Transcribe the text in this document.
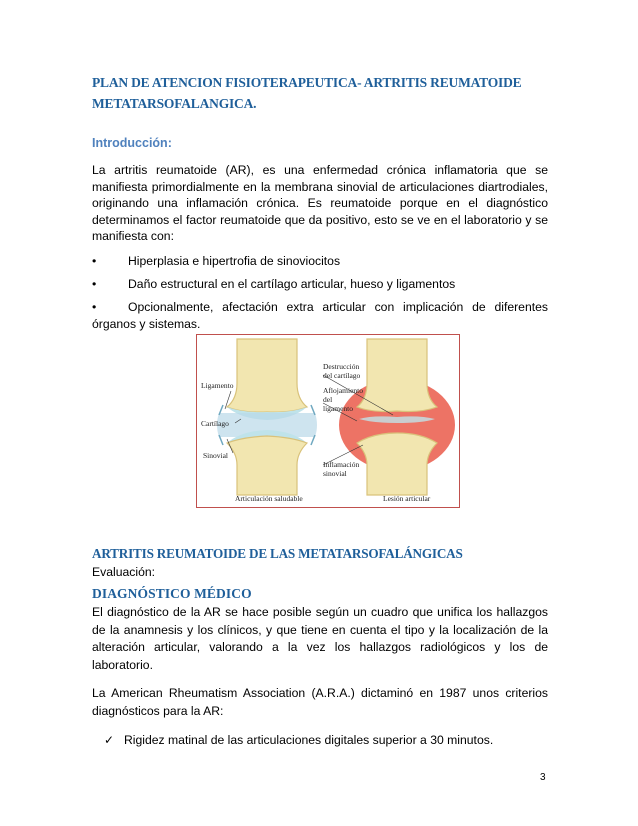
PLAN DE ATENCION FISIOTERAPEUTICA- ARTRITIS REUMATOIDE METATARSOFALANGICA.
Introducción:
La artritis reumatoide (AR), es una enfermedad crónica inflamatoria que se manifiesta primordialmente en la membrana sinovial de articulaciones diartrodiales, originando una inflamación crónica. Es reumatoide porque en el diagnóstico determinamos el factor reumatoide que da positivo, esto se ve en el laboratorio y se manifiesta con:
•	Hiperplasia e hipertrofia de sinoviocitos
•	Daño estructural en el cartílago articular, hueso y ligamentos
•	Opcionalmente, afectación extra articular con implicación de diferentes
órganos y sistemas.
Ligamento
Cartílago
Sinovial
Destrucción
del cartílago
Aflojamiento
del
ligamento
Inflamación
sinovial
Articulación saludable	Lesión articular
ARTRITIS REUMATOIDE DE LAS METATARSOFALÁNGICAS
Evaluación:
DIAGNÓSTICO MÉDICO
El diagnóstico de la AR se hace posible según un cuadro que unifica los hallazgos de la anamnesis y los clínicos, y que tiene en cuenta el tipo y la localización de la alteración articular, valorando a la vez los hallazgos radiológicos y los de laboratorio.
La American Rheumatism Association (A.R.A.) dictaminó en 1987 unos criterios diagnósticos para la AR:
✓ Rigidez matinal de las articulaciones digitales superior a 30 minutos.
3
